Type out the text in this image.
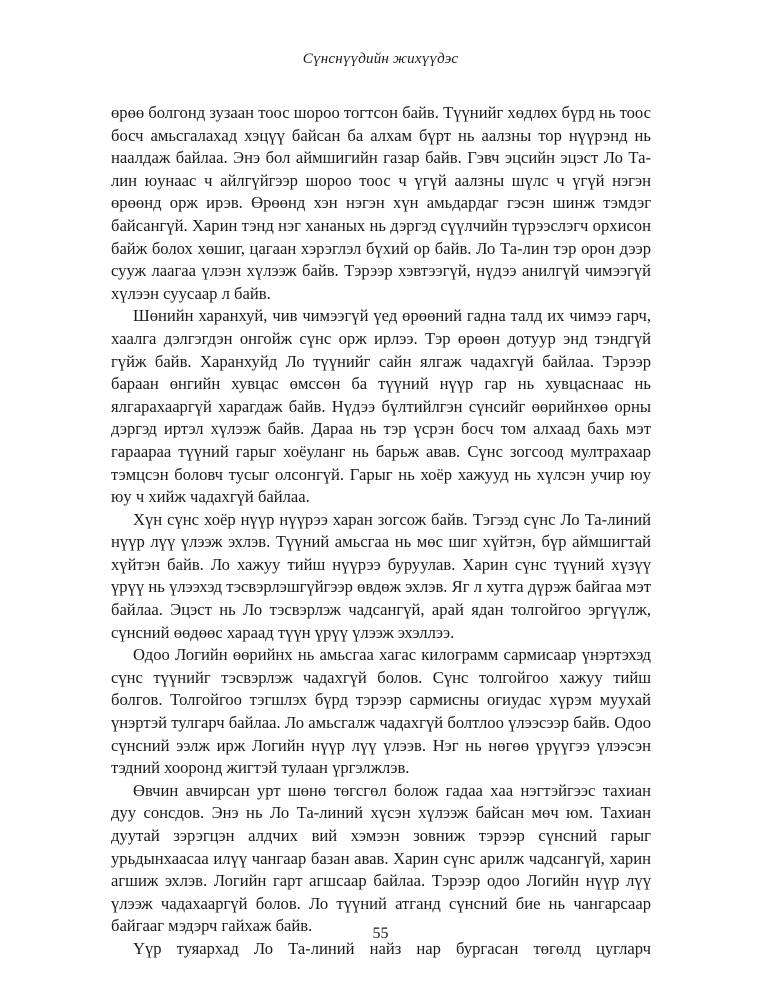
Сүнснүүдийн жихүүдэс

өрөө болгонд зузаан тоос шороо тогтсон байв. Түүнийг хөдлөх бүрд нь тоос босч амьсгалахад хэцүү байсан ба алхам бүрт нь аалзны тор нүүрэнд нь наалдаж байлаа. Энэ бол аймшигийн газар байв. Гэвч эцсийн эцэст Ло Та-лин юунаас ч айлгүйгээр шороо тоос ч үгүй аалзны шүлс ч үгүй нэгэн өрөөнд орж ирэв. Өрөөнд хэн нэгэн хүн амьдардаг гэсэн шинж тэмдэг байсангүй. Харин тэнд нэг хананых нь дэргэд сүүлчийн түрээслэгч орхисон байж болох хөшиг, цагаан хэрэглэл бүхий ор байв. Ло Та-лин тэр орон дээр сууж лаагаа үлээн хүлээж байв. Тэрээр хэвтээгүй, нүдээ анилгүй чимээгүй хүлээн суусаар л байв.

Шөнийн харанхуй, чив чимээгүй үед өрөөний гадна талд их чимээ гарч, хаалга дэлгэгдэн онгойж сүнс орж ирлээ. Тэр өрөөн дотуур энд тэндгүй гүйж байв. Харанхуйд Ло түүнийг сайн ялгаж чадахгүй байлаа. Тэрээр бараан өнгийн хувцас өмссөн ба түүний нүүр гар нь хувцаснаас нь ялгарахааргүй харагдаж байв. Нүдээ бүлтийлгэн сүнсийг өөрийнхөө орны дэргэд иртэл хүлээж байв. Дараа нь тэр үсрэн босч том алхаад бахь мэт гараараа түүний гарыг хоёуланг нь барьж авав. Сүнс зогсоод мултрахаар тэмцсэн боловч тусыг олсонгүй. Гарыг нь хоёр хажууд нь хүлсэн учир юу юу ч хийж чадахгүй байлаа.

Хүн сүнс хоёр нүүр нүүрээ харан зогсож байв. Тэгээд сүнс Ло Та-линий нүүр лүү үлээж эхлэв. Түүний амьсгаа нь мөс шиг хүйтэн, бүр аймшигтай хүйтэн байв. Ло хажуу тийш нүүрээ буруулав. Харин сүнс түүний хүзүү үрүү нь үлээхэд тэсвэрлэшгүйгээр өвдөж эхлэв. Яг л хутга дүрэж байгаа мэт байлаа. Эцэст нь Ло тэсвэрлэж чадсангүй, арай ядан толгойгоо эргүүлж, сүнсний өөдөөс хараад түүн үрүү үлээж эхэллээ.

Одоо Логийн өөрийнх нь амьсгаа хагас килограмм сармисаар үнэртэхэд сүнс түүнийг тэсвэрлэж чадахгүй болов. Сүнс толгойгоо хажуу тийш болгов. Толгойгоо тэгшлэх бүрд тэрээр сармисны огиудас хүрэм муухай үнэртэй тулгарч байлаа. Ло амьсгалж чадахгүй болтлоо үлээсээр байв. Одоо сүнсний ээлж ирж Логийн нүүр лүү үлээв. Нэг нь нөгөө үрүүгээ үлээсэн тэдний хооронд жигтэй тулаан үргэлжлэв.

Өвчин авчирсан урт шөнө төгсгөл болож гадаа хаа нэгтэйгээс тахиан дуу сонсдов. Энэ нь Ло Та-линий хүсэн хүлээж байсан мөч юм. Тахиан дуутай зэрэгцэн алдчих вий хэмээн зовниж тэрээр сүнсний гарыг урьдынхаасаа илүү чангаар базан авав. Харин сүнс арилж чадсангүй, харин агшиж эхлэв. Логийн гарт агшсаар байлаа. Тэрээр одоо Логийн нүүр лүү үлээж чадахааргүй болов. Ло түүний атганд сүнсний бие нь чангарсаар байгааг мэдэрч гайхаж байв.

Үүр туяархад Ло Та-линий найз нар бургасан төгөлд цугларч

55
